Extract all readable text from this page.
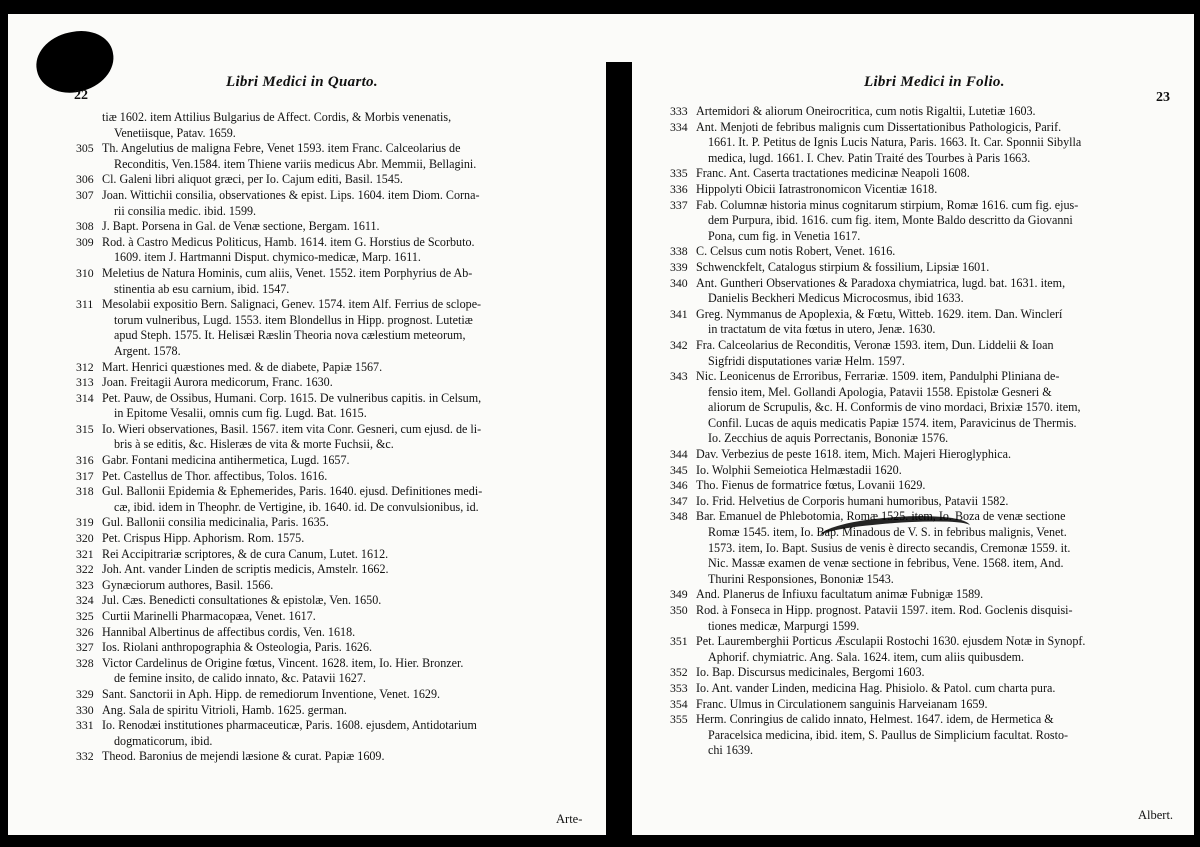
Libri Medici in Quarto.
22
tiæ 1602. item Attilius Bulgarius de Affect. Cordis, & Morbis venenatis,
Venetiisque, Patav. 1659.
305 Th. Angelutius de maligna Febre, Venet 1593. item Franc. Calceolarius de
Reconditis, Ven.1584. item Thiene variis medicus Abr. Memmii, Bellagini.
306 Cl. Galeni libri aliquot græci, per Io. Cajum editi, Basil. 1545.
307 Joan. Wittichii consilia, observationes & epist. Lips. 1604. item Diom. Corna-
rii consilia medic. ibid. 1599.
308 J. Bapt. Porsena in Gal. de Venæ sectione, Bergam. 1611.
309 Rod. à Castro Medicus Politicus, Hamb. 1614. item G. Horstius de Scorbuto.
1609. item J. Hartmanni Disput. chymico-medicæ, Marp. 1611.
310 Meletius de Natura Hominis, cum aliis, Venet. 1552. item Porphyrius de Ab-
stinentia ab esu carnium, ibid. 1547.
311 Mesolabii expositio Bern. Salignaci, Genev. 1574. item Alf. Ferrius de sclope-
torum vulneribus, Lugd. 1553. item Blondellus in Hipp. prognost. Lutetiæ
apud Steph. 1575. It. Helisæi Ræslin Theoria nova cælestium meteorum,
Argent. 1578.
312 Mart. Henrici quæstiones med. & de diabete, Papiæ 1567.
313 Joan. Freitagii Aurora medicorum, Franc. 1630.
314 Pet. Pauw, de Ossibus, Humani. Corp. 1615. De vulneribus capitis. in Celsum,
in Epitome Vesalii, omnis cum fig. Lugd. Bat. 1615.
315 Io. Wieri observationes, Basil. 1567. item vita Conr. Gesneri, cum ejusd. de li-
bris à se editis, &c. Hisleræs de vita & morte Fuchsii, &c.
316 Gabr. Fontani medicina antihermetica, Lugd. 1657.
317 Pet. Castellus de Thor. affectibus, Tolos. 1616.
318 Gul. Ballonii Epidemia & Ephemerides, Paris. 1640. ejusd. Definitiones medi-
cæ, ibid. idem in Theophr. de Vertigine, ib. 1640. id. De convulsionibus, id.
319 Gul. Ballonii consilia medicinalia, Paris. 1635.
320 Pet. Crispus Hipp. Aphorism. Rom. 1575.
321 Rei Accipitrariæ scriptores, & de cura Canum, Lutet. 1612.
322 Joh. Ant. vander Linden de scriptis medicis, Amstelr. 1662.
323 Gynæciorum authores, Basil. 1566.
324 Jul. Cæs. Benedicti consultationes & epistolæ, Ven. 1650.
325 Curtii Marinelli Pharmacopæa, Venet. 1617.
326 Hannibal Albertinus de affectibus cordis, Ven. 1618.
327 Ios. Riolani anthropographia & Osteologia, Paris. 1626.
328 Victor Cardelinus de Origine fœtus, Vincent. 1628. item, Io. Hier. Bronzer.
de femine insito, de calido innato, &c. Patavii 1627.
329 Sant. Sanctorii in Aph. Hipp. de remediorum Inventione, Venet. 1629.
330 Ang. Sala de spiritu Vitrioli, Hamb. 1625. german.
331 Io. Renodæi institutiones pharmaceuticæ, Paris. 1608. ejusdem, Antidotarium
dogmaticorum, ibid.
332 Theod. Baronius de mejendi læsione & curat. Papiæ 1609.
Arte-
Libri Medici in Folio.
23
333 Artemidori & aliorum Oneirocritica, cum notis Rigaltii, Lutetiæ 1603.
334 Ant. Menjoti de febribus malignis cum Dissertationibus Pathologicis, Parif.
1661. It. P. Petitus de Ignis Lucis Natura, Paris. 1663. It. Car. Sponnii Sibylla
medica, lugd. 1661. I. Chev. Patin Traité des Tourbes à Paris 1663.
335 Franc. Ant. Caserta tractationes medicinæ Neapoli 1608.
336 Hippolyti Obicii Iatrastronomicon Vicentiæ 1618.
337 Fab. Columnæ historia minus cognitarum stirpium, Romæ 1616. cum fig. ejus-
dem Purpura, ibid. 1616. cum fig. item, Monte Baldo descritto da Giovanni
Pona, cum fig. in Venetia 1617.
338 C. Celsus cum notis Robert, Venet. 1616.
339 Schwenckfelt, Catalogus stirpium & fossilium, Lipsiæ 1601.
340 Ant. Guntheri Observationes & Paradoxa chymiatrica, lugd. bat. 1631. item,
Danielis Beckheri Medicus Microcosmus, ibid 1633.
341 Greg. Nymmanus de Apoplexia, & Fœtu, Witteb. 1629. item. Dan. Winclerí
in tractatum de vita fœtus in utero, Jenæ. 1630.
342 Fra. Calceolarius de Reconditis, Veronæ 1593. item, Dun. Liddelii & Ioan
Sigfridi disputationes variæ Helm. 1597.
343 Nic. Leonicenus de Erroribus, Ferrariæ. 1509. item, Pandulphi Pliniana de-
fensio item, Mel. Gollandi Apologia, Patavii 1558. Epistolæ Gesneri &
aliorum de Scrupulis, &c. H. Conformis de vino mordaci, Brixiæ 1570. item,
Confil. Lucas de aquis medicatis Papiæ 1574. item, Paravicinus de Thermis.
Io. Zecchius de aquis Porrectanis, Bononiæ 1576.
344 Dav. Verbezius de peste 1618. item, Mich. Majeri Hieroglyphica.
345 Io. Wolphii Semeiotica Helmæstadii 1620.
346 Tho. Fienus de formatrice fœtus, Lovanii 1629.
347 Io. Frid. Helvetius de Corporis humani humoribus, Patavii 1582.
348 Bar. Emanuel de Phlebotomia, Romæ 1525. item, Io. Boza de venæ sectione
Romæ 1545. item, Io. Bap. Minadous de V. S. in febribus malignis, Venet.
1573. item, Io. Bapt. Susius de venis è directo secandis, Cremonæ 1559. it.
Nic. Massæ examen de venæ sectione in febribus, Vene. 1568. item, And.
Thurini Responsiones, Bononiæ 1543.
349 And. Planerus de Infiuxu facultatum animæ Fubnigæ 1589.
350 Rod. à Fonseca in Hipp. prognost. Patavii 1597. item. Rod. Goclenis disquisi-
tiones medicæ, Marpurgi 1599.
351 Pet. Lauremberghii Porticus Æsculapii Rostochi 1630. ejusdem Notæ in Synopf.
Aphorif. chymiatric. Ang. Sala. 1624. item, cum aliis quibusdem.
352 Io. Bap. Discursus medicinales, Bergomi 1603.
353 Io. Ant. vander Linden, medicina Hag. Phisiolo. & Patol. cum charta pura.
354 Franc. Ulmus in Circulationem sanguinis Harveianam 1659.
355 Herm. Conringius de calido innato, Helmest. 1647. idem, de Hermetica &
Paracelsica medicina, ibid. item, S. Paullus de Simplicium facultat. Rosto-
chi 1639.
Albert.
